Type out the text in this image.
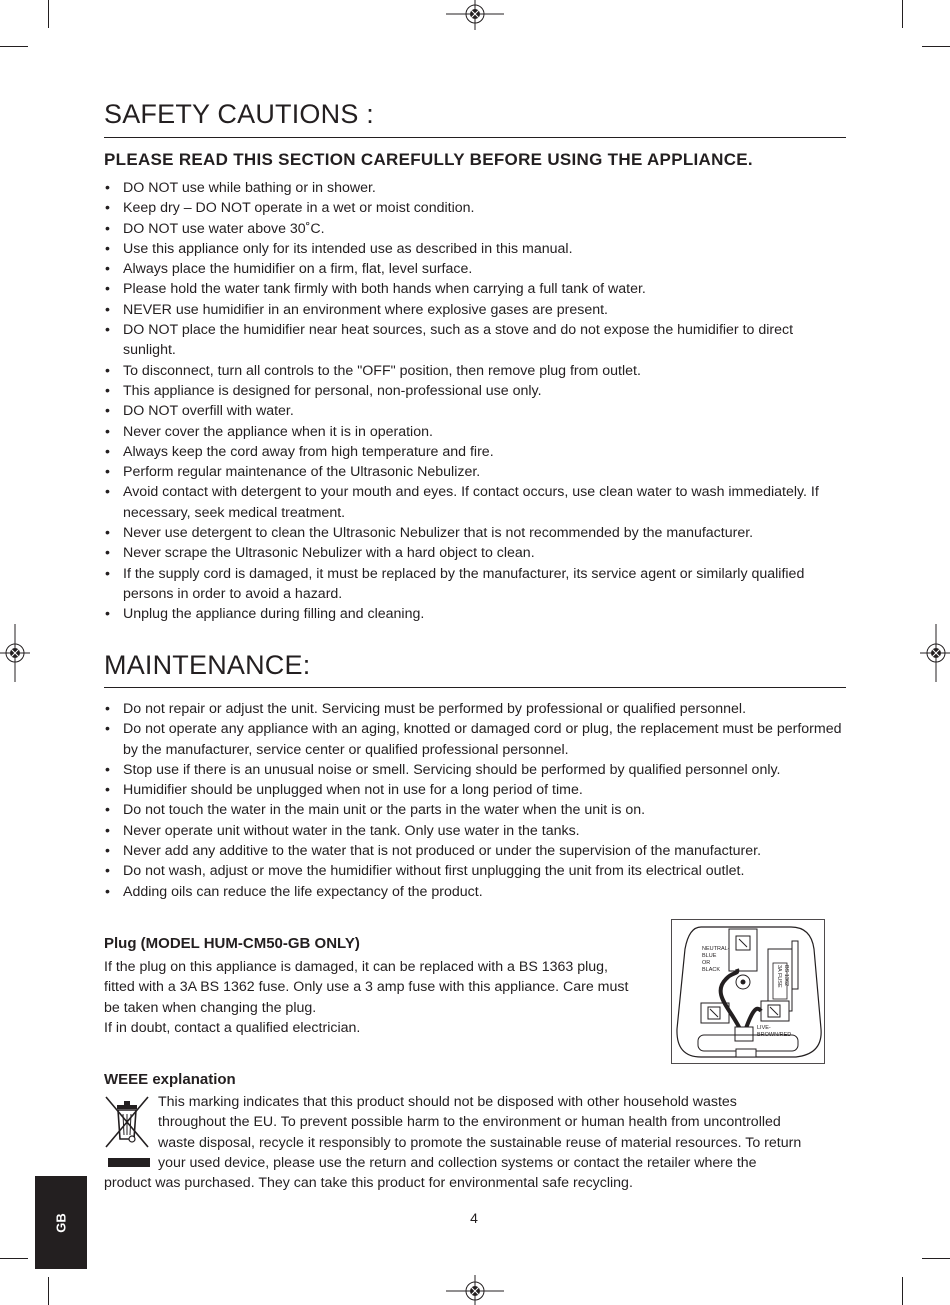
SAFETY CAUTIONS :
PLEASE READ THIS SECTION CAREFULLY BEFORE USING THE APPLIANCE.
• DO NOT use while bathing or in shower.
• Keep dry – DO NOT operate in a wet or moist condition.
• DO NOT use water above 30˚C.
• Use this appliance only for its intended use as described in this manual.
• Always place the humidifier on a firm, flat, level surface.
• Please hold the water tank firmly with both hands when carrying a full tank of water.
• NEVER use humidifier in an environment where explosive gases are present.
• DO NOT place the humidifier near heat sources, such as a stove and do not expose the humidifier to direct sunlight.
• To disconnect, turn all controls to the "OFF" position, then remove plug from outlet.
• This appliance is designed for personal, non-professional use only.
• DO NOT overfill with water.
• Never cover the appliance when it is in operation.
• Always keep the cord away from high temperature and fire.
• Perform regular maintenance of the Ultrasonic Nebulizer.
• Avoid contact with detergent to your mouth and eyes. If contact occurs, use clean water to wash immediately. If necessary, seek medical treatment.
• Never use detergent to clean the Ultrasonic Nebulizer that is not recommended by the manufacturer.
• Never scrape the Ultrasonic Nebulizer with a hard object to clean.
• If the supply cord is damaged, it must be replaced by the manufacturer, its service agent or similarly qualified persons in order to avoid a hazard.
• Unplug the appliance during filling and cleaning.
MAINTENANCE:
• Do not repair or adjust the unit. Servicing must be performed by professional or qualified personnel.
• Do not operate any appliance with an aging, knotted or damaged cord or plug, the replacement must be performed by the manufacturer, service center or qualified professional personnel.
• Stop use if there is an unusual noise or smell. Servicing should be performed by qualified personnel only.
• Humidifier should be unplugged when not in use for a long period of time.
• Do not touch the water in the main unit or the parts in the water when the unit is on.
• Never operate unit without water in the tank. Only use water in the tanks.
• Never add any additive to the water that is not produced or under the supervision of the manufacturer.
• Do not wash, adjust or move the humidifier without first unplugging the unit from its electrical outlet.
• Adding oils can reduce the life expectancy of the product.
Plug (MODEL HUM-CM50-GB ONLY)
If the plug on this appliance is damaged, it can be replaced with a BS 1363 plug,
fitted with a 3A BS 1362 fuse. Only use a 3 amp fuse with this appliance. Care must
be taken when changing the plug.
If in doubt, contact a qualified electrician.
3A FUSE BS 1362
NEUTRAL-
BLUE
OR
BLACK
LIVE-
BROWN/RED
WEEE explanation
This marking indicates that this product should not be disposed with other household wastes
throughout the EU. To prevent possible harm to the environment or human health from uncontrolled
waste disposal, recycle it responsibly to promote the sustainable reuse of material resources. To return
your used device, please use the return and collection systems or contact the retailer where the
product was purchased. They can take this product for environmental safe recycling.
4
GB
